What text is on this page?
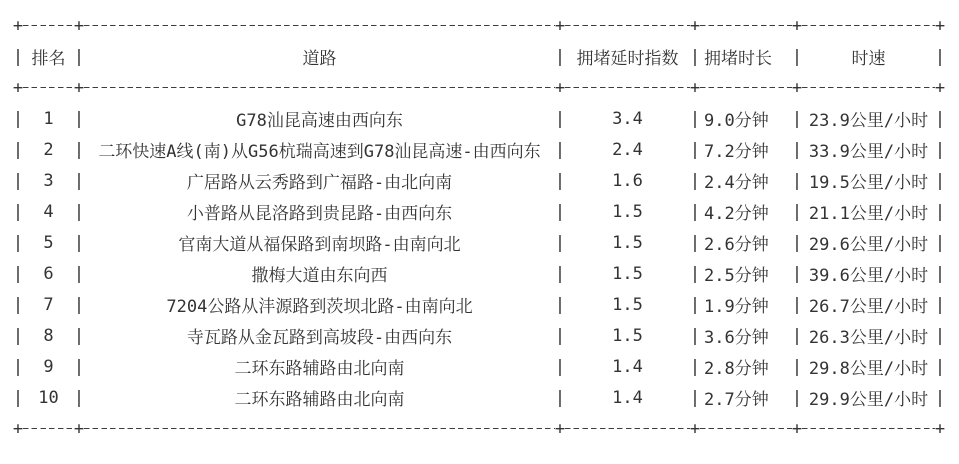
+
+
+
+
+
+
| 排名	| 道路	| 拥堵延时指数	| 拥堵时长	| 时速 |
+
+
+
+
+
+
| 1	| G78汕昆高速由西向东	| 3.4	| 9.0分钟	| 23.9公里/小时 |
| 2	| 二环快速A线(南)从G56杭瑞高速到G78汕昆高速-由西向东	| 2.4	| 7.2分钟	| 33.9公里/小时 |
| 3	| 广居路从云秀路到广福路-由北向南	| 1.6	| 2.4分钟	| 19.5公里/小时 |
| 4	| 小普路从昆洛路到贵昆路-由西向东	| 1.5	| 4.2分钟	| 21.1公里/小时 |
| 5	| 官南大道从福保路到南坝路-由南向北	| 1.5	| 2.6分钟	| 29.6公里/小时 |
| 6	| 撒梅大道由东向西	| 1.5	| 2.5分钟	| 39.6公里/小时 |
| 7	| 7204公路从沣源路到茨坝北路-由南向北	| 1.5	| 1.9分钟	| 26.7公里/小时 |
| 8	| 寺瓦路从金瓦路到高坡段-由西向东	| 1.5	| 3.6分钟	| 26.3公里/小时 |
| 9	| 二环东路辅路由北向南	| 1.4	| 2.8分钟	| 29.8公里/小时 |
| 10	| 二环东路辅路由北向南	| 1.4	| 2.7分钟	| 29.9公里/小时 |
+
+
+
+
+
+
